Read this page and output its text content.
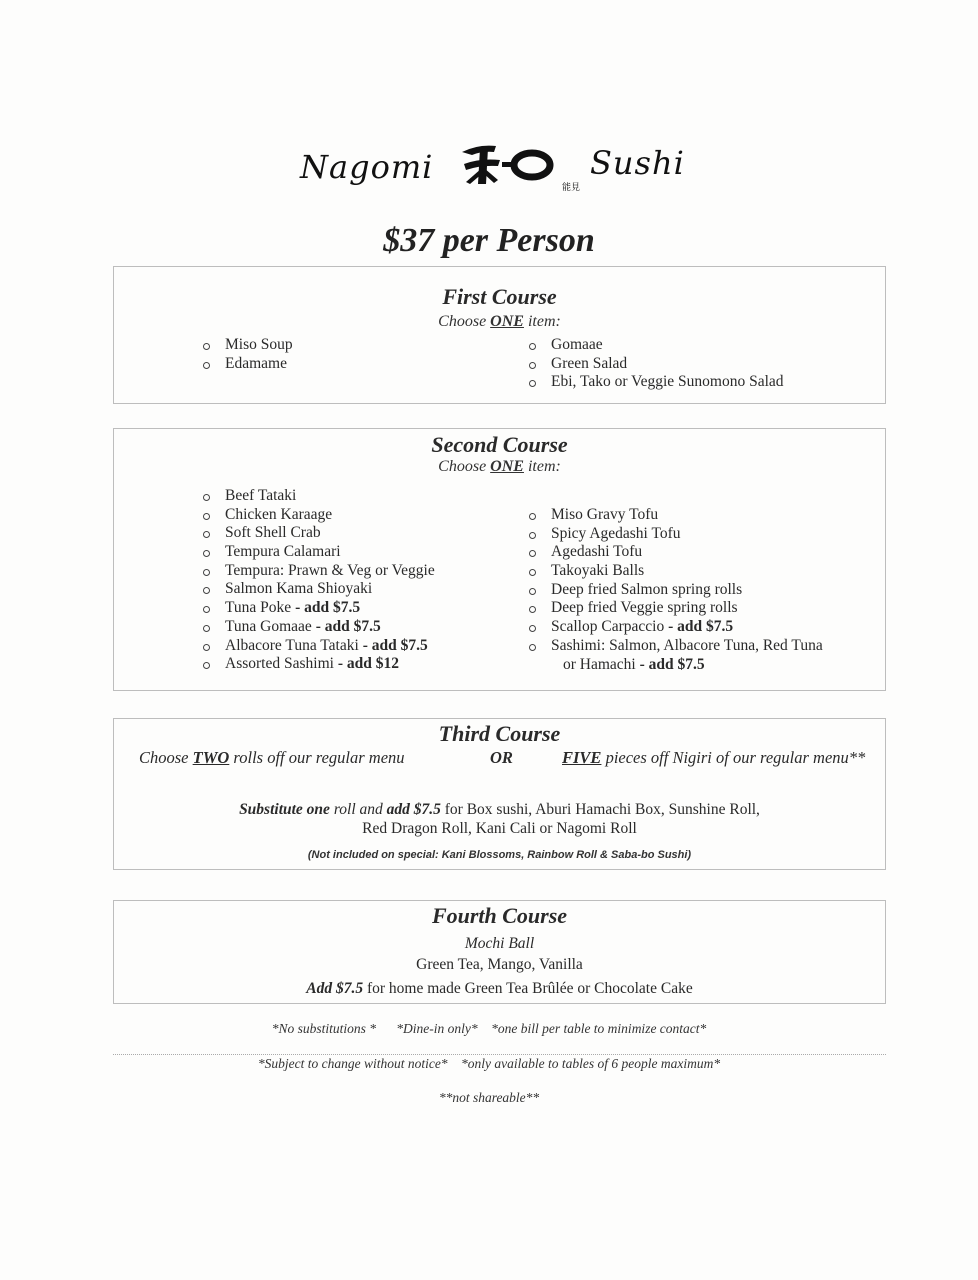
Nagomi
能見
Sushi
$37 per Person
First Course
Choose ONE item:
Miso Soup
Edamame
Gomaae
Green Salad
Ebi, Tako or Veggie Sunomono Salad
Second Course
Choose ONE item:
Beef Tataki
Chicken Karaage
Soft Shell Crab
Tempura Calamari
Tempura: Prawn & Veg or Veggie
Salmon Kama Shioyaki
Tuna Poke - add $7.5
Tuna Gomaae - add $7.5
Albacore Tuna Tataki - add $7.5
Assorted Sashimi - add $12
Miso Gravy Tofu
Spicy Agedashi Tofu
Agedashi Tofu
Takoyaki Balls
Deep fried Salmon spring rolls
Deep fried Veggie spring rolls
Scallop Carpaccio - add $7.5
Sashimi: Salmon, Albacore Tuna, Red Tuna
or Hamachi - add $7.5
Third Course
Choose TWO rolls off our regular menu	OR	FIVE pieces off Nigiri of our regular menu**
Substitute one roll and add $7.5 for Box sushi, Aburi Hamachi Box, Sunshine Roll,
Red Dragon Roll, Kani Cali or Nagomi Roll
(Not included on special: Kani Blossoms, Rainbow Roll & Saba-bo Sushi)
Fourth Course
Mochi Ball
Green Tea, Mango, Vanilla
Add $7.5 for home made Green Tea Brûlée or Chocolate Cake
*No substitutions *      *Dine-in only*    *one bill per table to minimize contact*
*Subject to change without notice*    *only available to tables of 6 people maximum*
**not shareable**
